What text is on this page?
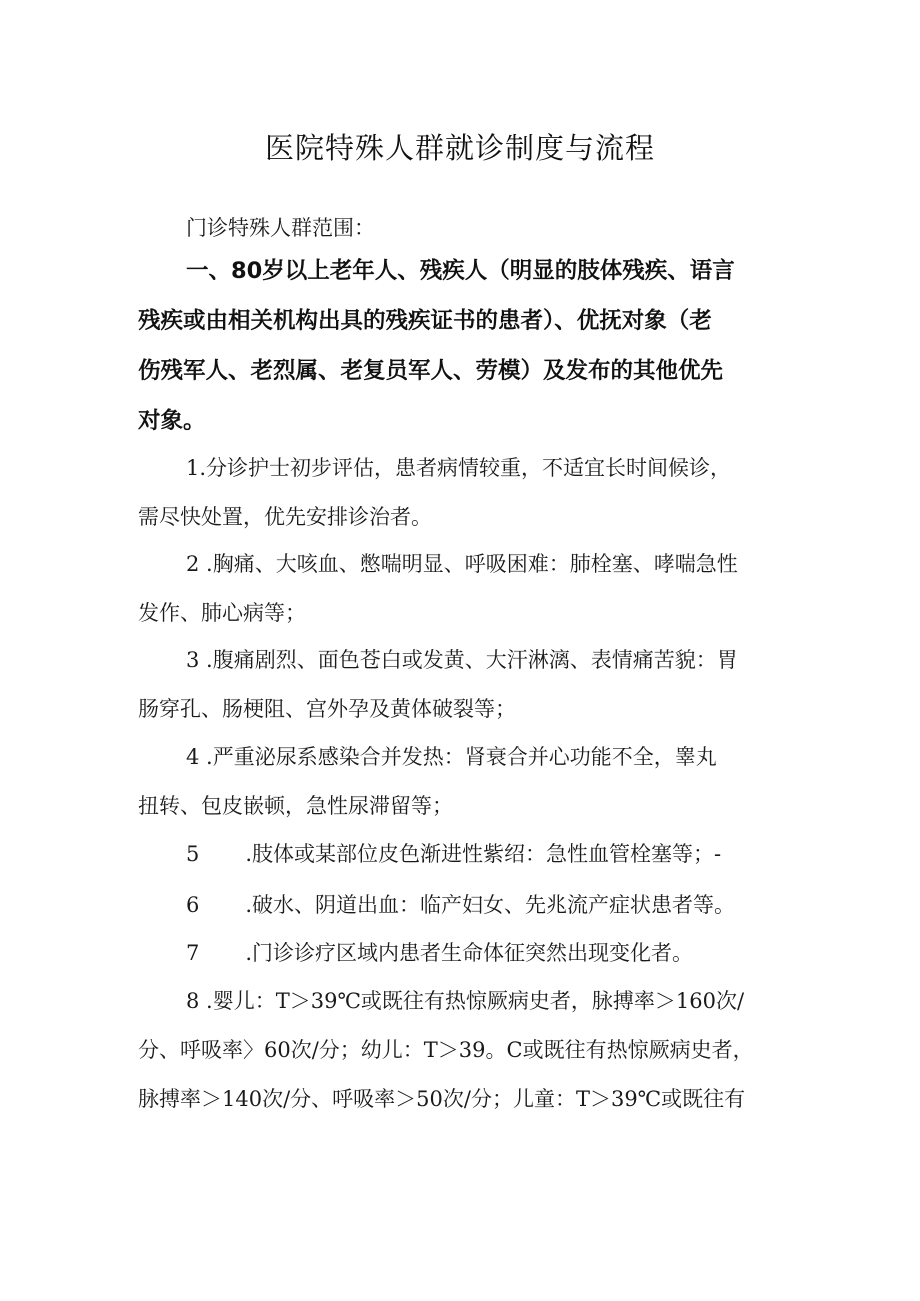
医院特殊人群就诊制度与流程
门诊特殊人群范围：
一、80岁以上老年人、残疾人（明显的肢体残疾、语言
残疾或由相关机构出具的残疾证书的患者）、优抚对象（老
伤残军人、老烈属、老复员军人、劳模）及发布的其他优先
对象。
1.分诊护士初步评估，患者病情较重，不适宜长时间候诊，
需尽快处置，优先安排诊治者。
2 .胸痛、大咳血、憋喘明显、呼吸困难：肺栓塞、哮喘急性
发作、肺心病等；
3 .腹痛剧烈、面色苍白或发黄、大汗淋漓、表情痛苦貌：胃
肠穿孔、肠梗阻、宫外孕及黄体破裂等；
4 .严重泌尿系感染合并发热：肾衰合并心功能不全，睾丸
扭转、包皮嵌顿，急性尿滞留等；
5 .肢体或某部位皮色渐进性紫绍：急性血管栓塞等；-
6 .破水、阴道出血：临产妇女、先兆流产症状患者等。
7 .门诊诊疗区域内患者生命体征突然出现变化者。
8 .婴儿：T＞39℃或既往有热惊厥病史者，脉搏率＞160次/
分、呼吸率〉60次/分；幼儿：T＞39。C或既往有热惊厥病史者，
脉搏率＞140次/分、呼吸率＞50次/分；儿童：T＞39℃或既往有
